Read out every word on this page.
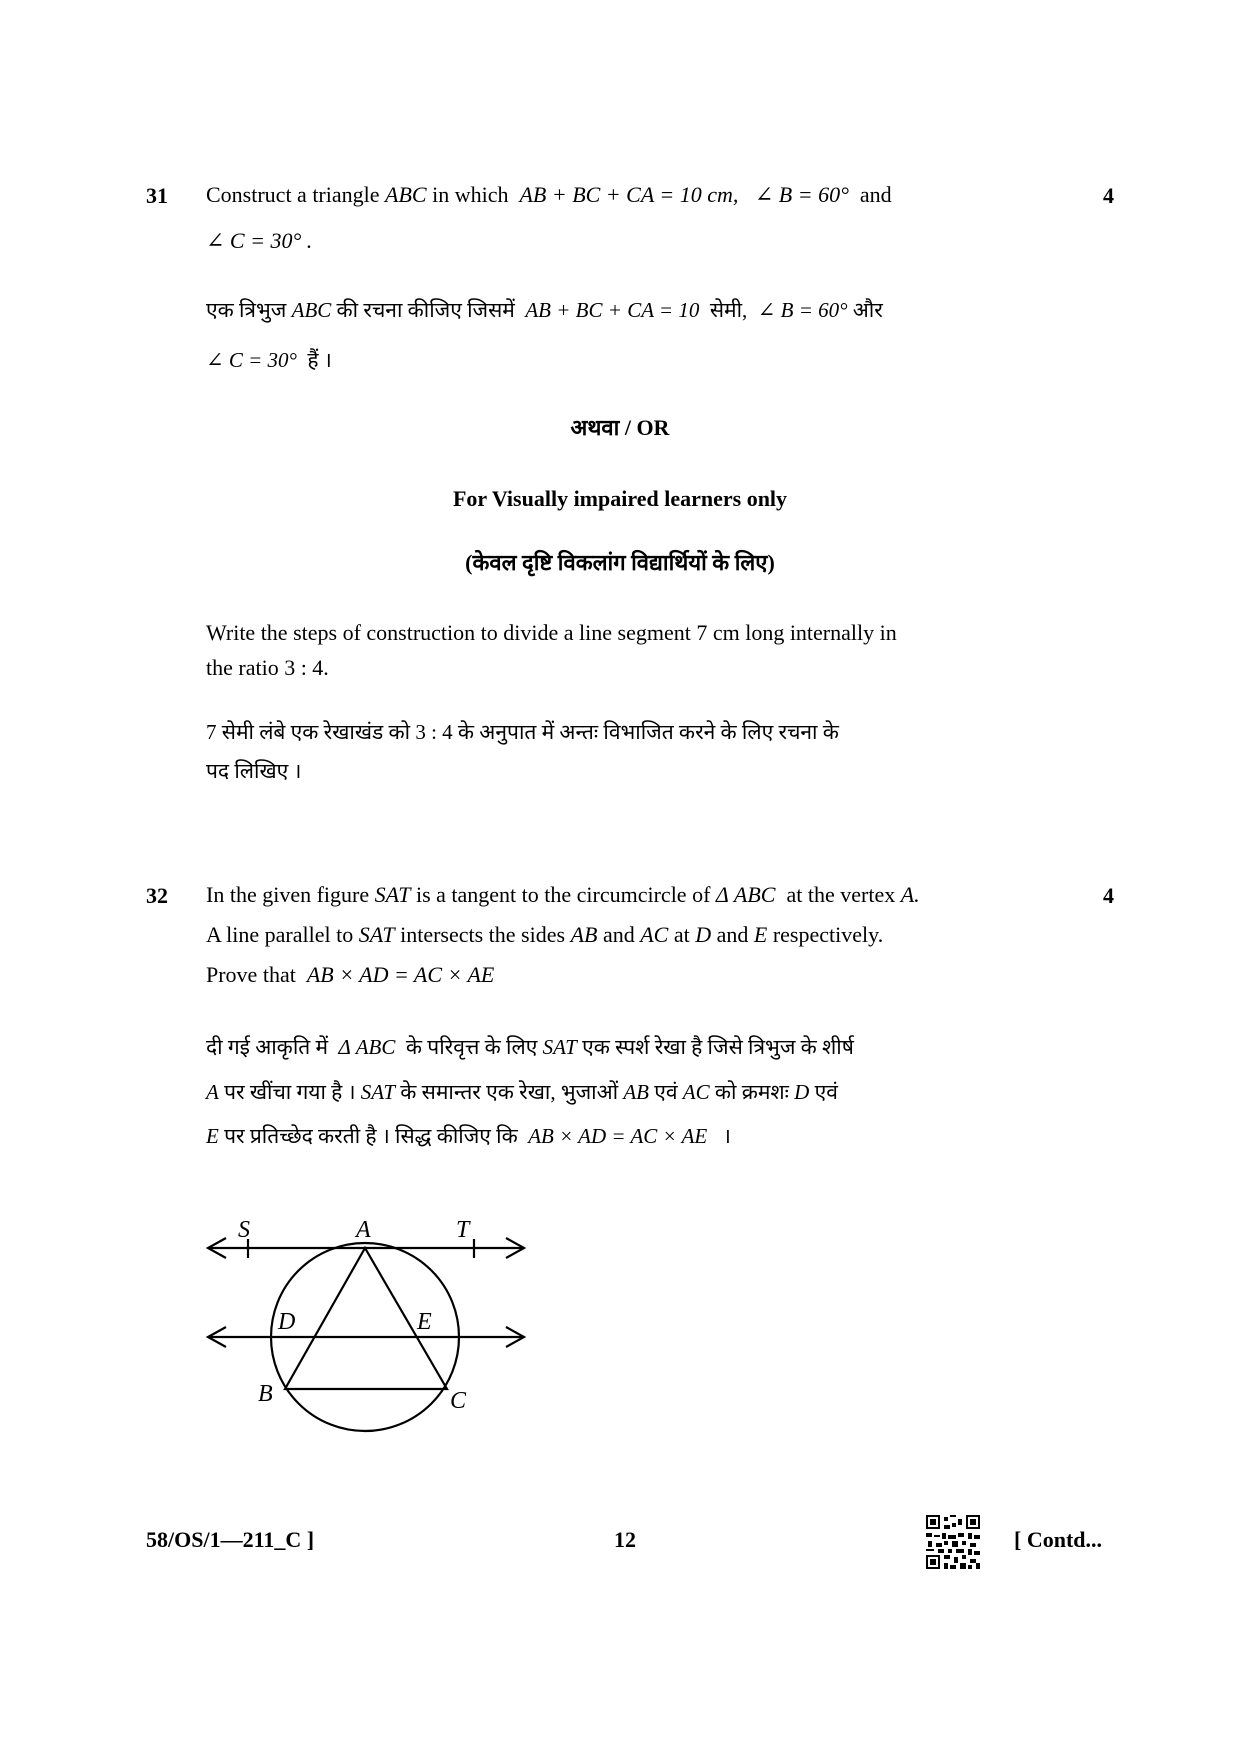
31	4
Construct a triangle ABC in which AB + BC + CA = 10 cm, ∠ B = 60° and
∠ C = 30° .
एक त्रिभुज ABC की रचना कीजिए जिसमें AB + BC + CA = 10 सेमी, ∠ B = 60° और
∠ C = 30° हैं ।
अथवा / OR
For Visually impaired learners only
(केवल दृष्टि विकलांग विद्यार्थियों के लिए)
Write the steps of construction to divide a line segment 7 cm long internally in
the ratio 3 : 4.
7 सेमी लंबे एक रेखाखंड को 3 : 4 के अनुपात में अन्तः विभाजित करने के लिए रचना के
पद लिखिए ।
32	4
In the given figure SAT is a tangent to the circumcircle of Δ ABC at the vertex A.
A line parallel to SAT intersects the sides AB and AC at D and E respectively.
Prove that AB × AD = AC × AE
दी गई आकृति में Δ ABC के परिवृत्त के लिए SAT एक स्पर्श रेखा है जिसे त्रिभुज के शीर्ष
A पर खींचा गया है । SAT के समान्तर एक रेखा, भुजाओं AB एवं AC को क्रमशः D एवं
E पर प्रतिच्छेद करती है । सिद्ध कीजिए कि AB × AD = AC × AE ।
S	A	T
D	E
B	C
58/OS/1—211_C ]	12	[ Contd...
